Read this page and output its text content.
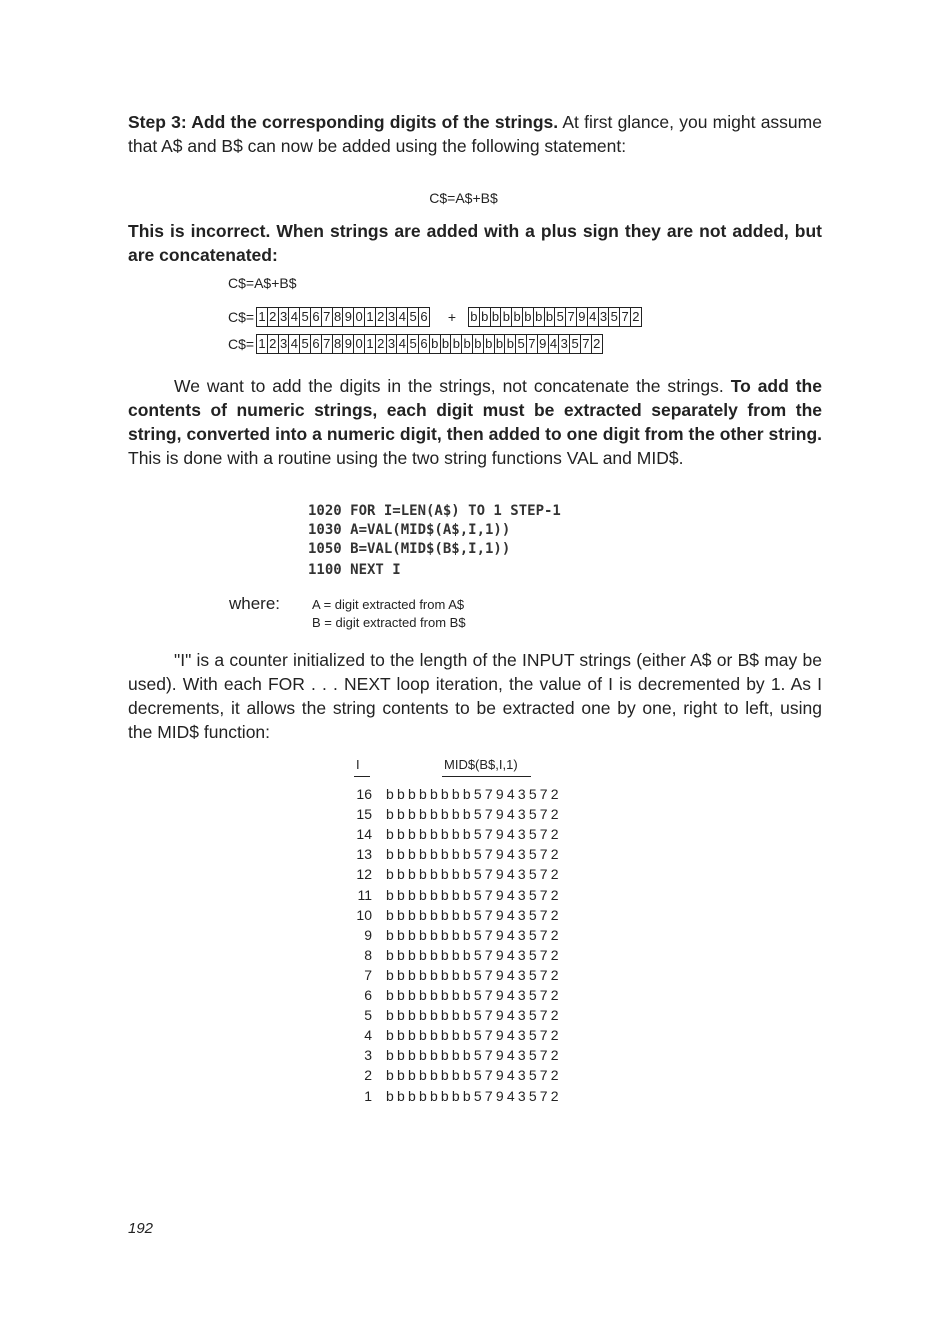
Step 3: Add the corresponding digits of the strings. At first glance, you might assume that A$ and B$ can now be added using the following statement:

C$=A$+B$

This is incorrect. When strings are added with a plus sign they are not added, but are concatenated:

C$=A$+B$
C$= 1 2 3 4 5 6 7 8 9 0 1 2 3 4 5 6 + b b b b b b b b 5 7 9 4 3 5 7 2
C$= 1 2 3 4 5 6 7 8 9 0 1 2 3 4 5 6 b b b b b b b b 5 7 9 4 3 5 7 2

We want to add the digits in the strings, not concatenate the strings. To add the contents of numeric strings, each digit must be extracted separately from the string, converted into a numeric digit, then added to one digit from the other string. This is done with a routine using the two string functions VAL and MID$.

1020 FOR I=LEN(A$) TO 1 STEP-1
1030 A=VAL(MID$(A$,I,1))
1050 B=VAL(MID$(B$,I,1))
1100 NEXT I
where: A = digit extracted from A$
B = digit extracted from B$

"I" is a counter initialized to the length of the INPUT strings (either A$ or B$ may be used). With each FOR . . . NEXT loop iteration, the value of I is decremented by 1. As I decrements, it allows the string contents to be extracted one by one, right to left, using the MID$ function:

I	MID$(B$,I,1)
16 bbbbbbbb57943572
15 bbbbbbbb57943572
14 bbbbbbbb57943572
13 bbbbbbbb57943572
12 bbbbbbbb57943572
11 bbbbbbbb57943572
10 bbbbbbbb57943572
9 bbbbbbbb57943572
8 bbbbbbbb57943572
7 bbbbbbbb57943572
6 bbbbbbbb57943572
5 bbbbbbbb57943572
4 bbbbbbbb57943572
3 bbbbbbbb57943572
2 bbbbbbbb57943572
1 bbbbbbbb57943572
192
